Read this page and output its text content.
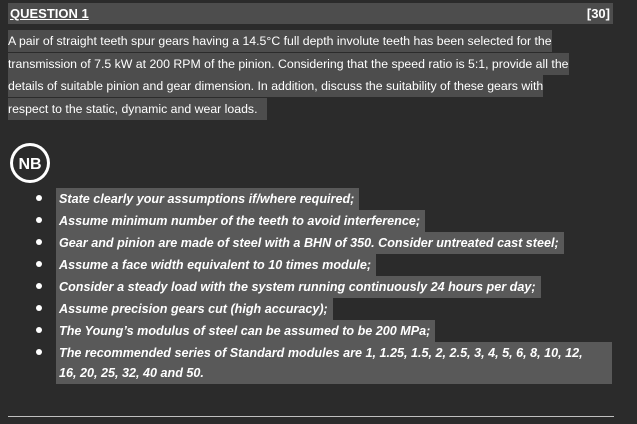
QUESTION 1	[30]
A pair of straight teeth spur gears having a 14.5°C full depth involute teeth has been selected for the
transmission of 7.5 kW at 200 RPM of the pinion. Considering that the speed ratio is 5:1, provide all the
details of suitable pinion and gear dimension. In addition, discuss the suitability of these gears with
respect to the static, dynamic and wear loads.
NB
State clearly your assumptions if/where required;
Assume minimum number of the teeth to avoid interference;
Gear and pinion are made of steel with a BHN of 350. Consider untreated cast steel;
Assume a face width equivalent to 10 times module;
Consider a steady load with the system running continuously 24 hours per day;
Assume precision gears cut (high accuracy);
The Young’s modulus of steel can be assumed to be 200 MPa;
The recommended series of Standard modules are 1, 1.25, 1.5, 2, 2.5, 3, 4, 5, 6, 8, 10, 12,
16, 20, 25, 32, 40 and 50.
